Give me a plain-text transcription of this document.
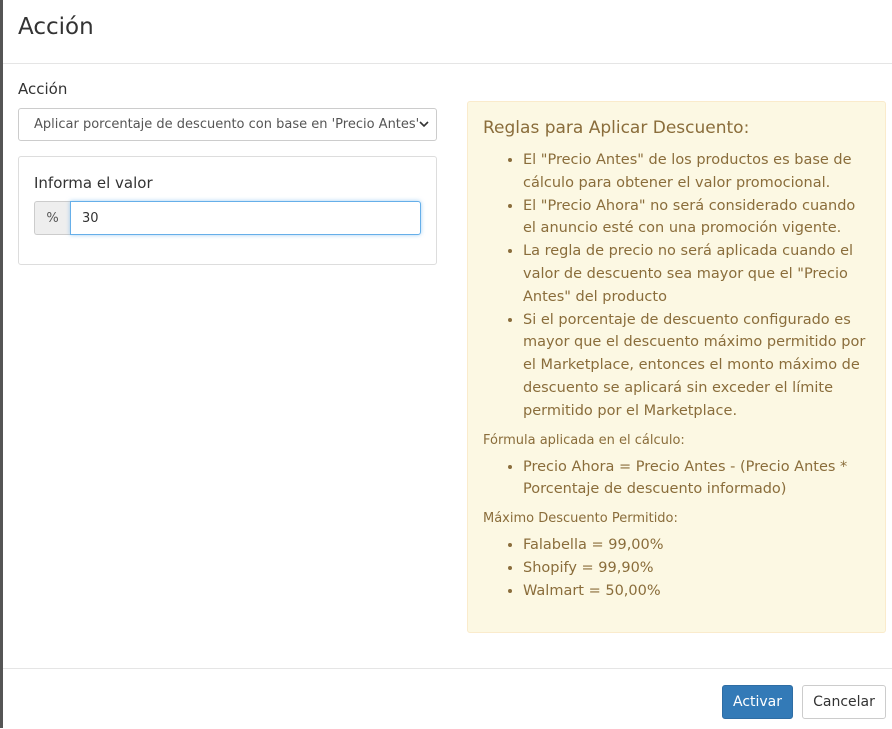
Acción
Acción
Aplicar porcentaje de descuento con base en 'Precio Antes'
Informa el valor
%
30
Reglas para Aplicar Descuento:
• El "Precio Antes" de los productos es base de cálculo para obtener el valor promocional.
• El "Precio Ahora" no será considerado cuando el anuncio esté con una promoción vigente.
• La regla de precio no será aplicada cuando el valor de descuento sea mayor que el "Precio Antes" del producto
• Si el porcentaje de descuento configurado es mayor que el descuento máximo permitido por el Marketplace, entonces el monto máximo de descuento se aplicará sin exceder el límite permitido por el Marketplace.
Fórmula aplicada en el cálculo:
• Precio Ahora = Precio Antes - (Precio Antes * Porcentaje de descuento informado)
Máximo Descuento Permitido:
• Falabella = 99,00%
• Shopify = 99,90%
• Walmart = 50,00%
Activar	Cancelar
